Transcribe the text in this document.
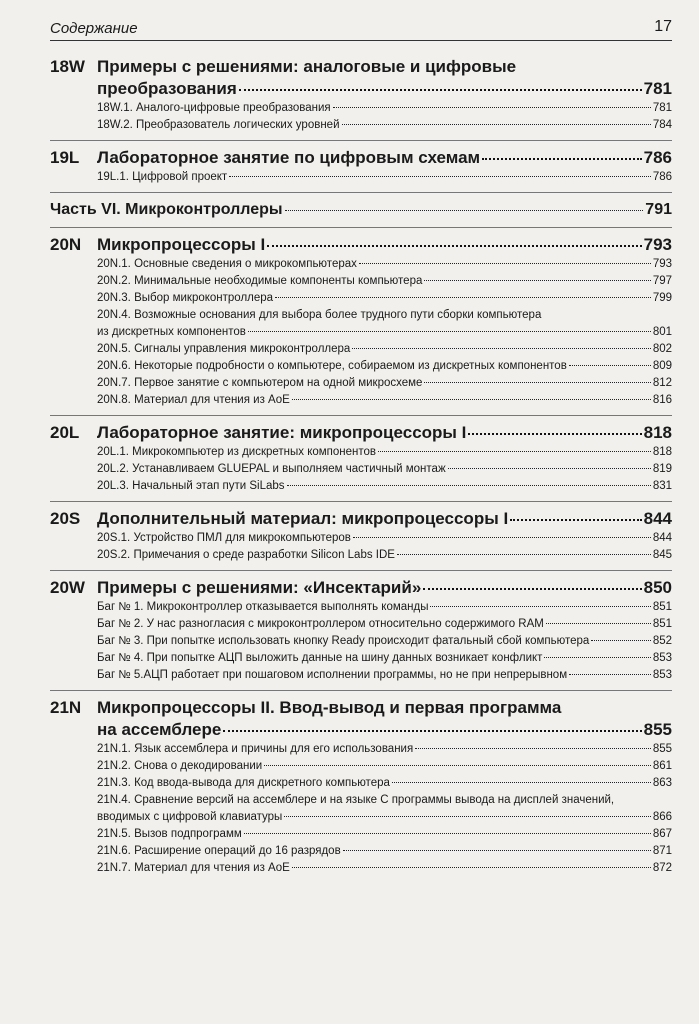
Содержание	17
18W Примеры с решениями: аналоговые и цифровые
преобразования	781
18W.1. Аналого-цифровые преобразования	781
18W.2. Преобразователь логических уровней	784
19L	Лабораторное занятие по цифровым схемам	786
19L.1. Цифровой проект	786
Часть VI. Микроконтроллеры	791
20N Микропроцессоры I	793
20N.1. Основные сведения о микрокомпьютерах	793
20N.2. Минимальные необходимые компоненты компьютера	797
20N.3. Выбор микроконтроллера	799
20N.4. Возможные основания для выбора более трудного пути сборки компьютера
из дискретных компонентов	801
20N.5. Сигналы управления микроконтроллера	802
20N.6. Некоторые подробности о компьютере, собираемом из дискретных компонентов	809
20N.7. Первое занятие с компьютером на одной микросхеме	812
20N.8. Материал для чтения из AoE	816
20L	Лабораторное занятие: микропроцессоры I	818
20L.1. Микрокомпьютер из дискретных компонентов	818
20L.2. Устанавливаем GLUEPAL и выполняем частичный монтаж	819
20L.3. Начальный этап пути SiLabs	831
20S Дополнительный материал: микропроцессоры I	844
20S.1. Устройство ПМЛ для микрокомпьютеров	844
20S.2. Примечания о среде разработки Silicon Labs IDE	845
20W Примеры с решениями: «Инсектарий»	850
Баг № 1. Микроконтроллер отказывается выполнять команды	851
Баг № 2. У нас разногласия с микроконтроллером относительно содержимого RAM	851
Баг № 3. При попытке использовать кнопку Ready происходит фатальный сбой компьютера	852
Баг № 4. При попытке АЦП выложить данные на шину данных возникает конфликт	853
Баг № 5.АЦП работает при пошаговом исполнении программы, но не при непрерывном	853
21N Микропроцессоры II. Ввод-вывод и первая программа
на ассемблере	855
21N.1. Язык ассемблера и причины для его использования	855
21N.2. Снова о декодировании	861
21N.3. Код ввода-вывода для дискретного компьютера	863
21N.4. Сравнение версий на ассемблере и на языке С программы вывода на дисплей значений,
вводимых с цифровой клавиатуры	866
21N.5. Вызов подпрограмм	867
21N.6. Расширение операций до 16 разрядов	871
21N.7. Материал для чтения из AoE	872
